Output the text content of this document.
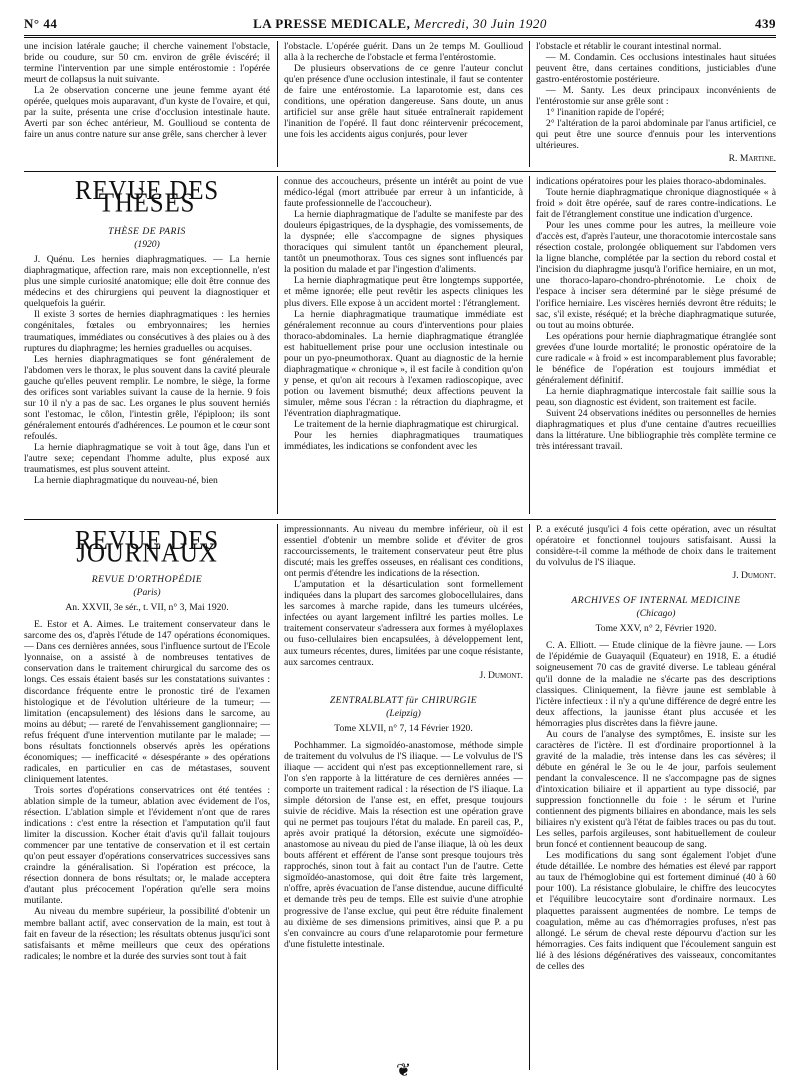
N° 44	LA PRESSE MEDICALE, Mercredi, 30 Juin 1920	439

une incision latérale gauche; il cherche vainement l'obstacle, bride ou coudure, sur 50 cm. environ de grêle éviscéré; il termine l'intervention par une simple entérostomie : l'opérée meurt de collapsus la nuit suivante.

La 2e observation concerne une jeune femme ayant été opérée, quelques mois auparavant, d'un kyste de l'ovaire, et qui, par la suite, présenta une crise d'occlusion intestinale haute. Averti par son échec antérieur, M. Goullioud se contenta de faire un anus contre nature sur anse grêle, sans chercher à lever

l'obstacle. L'opérée guérit. Dans un 2e temps M. Goullioud alla à la recherche de l'obstacle et ferma l'entérostomie.

De plusieurs observations de ce genre l'auteur conclut qu'en présence d'une occlusion intestinale, il faut se contenter de faire une entérostomie. La laparotomie est, dans ces conditions, une opération dangereuse. Sans doute, un anus artificiel sur anse grêle haut située entraînerait rapidement l'inanition de l'opéré. Il faut donc réintervenir précocement, une fois les accidents aigus conjurés, pour lever

l'obstacle et rétablir le courant intestinal normal.

— M. Condamin. Ces occlusions intestinales haut situées peuvent être, dans certaines conditions, justiciables d'une gastro-entérostomie postérieure.

— M. Santy. Les deux principaux inconvénients de l'entérostomie sur anse grêle sont :

1° l'inanition rapide de l'opéré;

2° l'altération de la paroi abdominale par l'anus artificiel, ce qui peut être une source d'ennuis pour les interventions ultérieures.

R. Martine.

REVUE DES THÈSES

THÈSE DE PARIS

(1920)

J. Quénu. Les hernies diaphragmatiques. — La hernie diaphragmatique, affection rare, mais non exceptionnelle, n'est plus une simple curiosité anatomique; elle doit être connue des médecins et des chirurgiens qui peuvent la diagnostiquer et quelquefois la guérir.

Il existe 3 sortes de hernies diaphragmatiques : les hernies congénitales, fœtales ou embryonnaires; les hernies traumatiques, immédiates ou consécutives à des plaies ou à des ruptures du diaphragme; les hernies graduelles ou acquises.

Les hernies diaphragmatiques se font généralement de l'abdomen vers le thorax, le plus souvent dans la cavité pleurale gauche qu'elles peuvent remplir. Le nombre, le siège, la forme des orifices sont variables suivant la cause de la hernie. 9 fois sur 10 il n'y a pas de sac. Les organes le plus souvent herniés sont l'estomac, le côlon, l'intestin grêle, l'épiploon; ils sont généralement entourés d'adhérences. Le poumon et le cœur sont refoulés.

La hernie diaphragmatique se voit à tout âge, dans l'un et l'autre sexe; cependant l'homme adulte, plus exposé aux traumatismes, est plus souvent atteint.

La hernie diaphragmatique du nouveau-né, bien

connue des accoucheurs, présente un intérêt au point de vue médico-légal (mort attribuée par erreur à un infanticide, à faute professionnelle de l'accoucheur).

La hernie diaphragmatique de l'adulte se manifeste par des douleurs épigastriques, de la dysphagie, des vomissements, de la dyspnée; elle s'accompagne de signes physiques thoraciques qui simulent tantôt un épanchement pleural, tantôt un pneumothorax. Tous ces signes sont influencés par la position du malade et par l'ingestion d'aliments.

La hernie diaphragmatique peut être longtemps supportée, et même ignorée; elle peut revêtir les aspects cliniques les plus divers. Elle expose à un accident mortel : l'étranglement.

La hernie diaphragmatique traumatique immédiate est généralement reconnue au cours d'interventions pour plaies thoraco-abdominales. La hernie diaphragmatique étranglée est habituellement prise pour une occlusion intestinale ou pour un pyo-pneumothorax. Quant au diagnostic de la hernie diaphragmatique « chronique », il est facile à condition qu'on y pense, et qu'on ait recours à l'examen radioscopique, avec potion ou lavement bismuthé; deux affections peuvent la simuler, même sous l'écran : la rétraction du diaphragme, et l'éventration diaphragmatique.

Le traitement de la hernie diaphragmatique est chirurgical.

Pour les hernies diaphragmatiques traumatiques immédiates, les indications se confondent avec les

indications opératoires pour les plaies thoraco-abdominales.

Toute hernie diaphragmatique chronique diagnostiquée « à froid » doit être opérée, sauf de rares contre-indications. Le fait de l'étranglement constitue une indication d'urgence.

Pour les unes comme pour les autres, la meilleure voie d'accès est, d'après l'auteur, une thoracotomie intercostale sans résection costale, prolongée obliquement sur l'abdomen vers la ligne blanche, complétée par la section du rebord costal et l'incision du diaphragme jusqu'à l'orifice herniaire, en un mot, une thoraco-laparo-chondro-phrénotomie. Le choix de l'espace à inciser sera déterminé par le siège présumé de l'orifice herniaire. Les viscères herniés devront être réduits; le sac, s'il existe, réséqué; et la brèche diaphragmatique suturée, ou tout au moins obturée.

Les opérations pour hernie diaphragmatique étranglée sont grevées d'une lourde mortalité; le pronostic opératoire de la cure radicale « à froid » est incomparablement plus favorable; le bénéfice de l'opération est toujours immédiat et généralement définitif.

La hernie diaphragmatique intercostale fait saillie sous la peau, son diagnostic est évident, son traitement est facile.

Suivent 24 observations inédites ou personnelles de hernies diaphragmatiques et plus d'une centaine d'autres recueillies dans la littérature. Une bibliographie très complète termine ce très intéressant travail.

REVUE DES JOURNAUX

REVUE D'ORTHOPÉDIE

(Paris)

An. XXVII, 3e sér., t. VII, n° 3, Mai 1920.

E. Estor et A. Aimes. Le traitement conservateur dans le sarcome des os, d'après l'étude de 147 opérations économiques. — Dans ces dernières années, sous l'influence surtout de l'Ecole lyonnaise, on a assisté à de nombreuses tentatives de conservation dans le traitement chirurgical du sarcome des os longs. Ces essais étaient basés sur les constatations suivantes : discordance fréquente entre le pronostic tiré de l'examen histologique et de l'évolution ultérieure de la tumeur; — limitation (encapsulement) des lésions dans le sarcome, au moins au début; — rareté de l'envahissement ganglionnaire; — refus fréquent d'une intervention mutilante par le malade; — bons résultats fonctionnels observés après les opérations économiques; — inefficacité « désespérante » des opérations radicales, en particulier en cas de métastases, souvent cliniquement latentes.

Trois sortes d'opérations conservatrices ont été tentées : ablation simple de la tumeur, ablation avec évidement de l'os, résection. L'ablation simple et l'évidement n'ont que de rares indications : c'est entre la résection et l'amputation qu'il faut limiter la discussion. Kocher était d'avis qu'il fallait toujours commencer par une tentative de conservation et il est certain qu'on peut essayer d'opérations conservatrices successives sans craindre la généralisation. Si l'opération est précoce, la résection donnera de bons résultats; or, le malade acceptera d'autant plus précocement l'opération qu'elle sera moins mutilante.

Au niveau du membre supérieur, la possibilité d'obtenir un membre ballant actif, avec conservation de la main, est tout à fait en faveur de la résection; les résultats obtenus jusqu'ici sont satisfaisants et même meilleurs que ceux des opérations radicales; le nombre et la durée des survies sont tout à fait

impressionnants. Au niveau du membre inférieur, où il est essentiel d'obtenir un membre solide et d'éviter de gros raccourcissements, le traitement conservateur peut être plus discuté; mais les greffes osseuses, en réalisant ces conditions, ont permis d'étendre les indications de la résection.

L'amputation et la désarticulation sont formellement indiquées dans la plupart des sarcomes globocellulaires, dans les sarcomes à marche rapide, dans les tumeurs ulcérées, infectées ou ayant largement infiltré les parties molles. Le traitement conservateur s'adressera aux formes à myéloplaxes ou fuso-cellulaires bien encapsulées, à développement lent, aux tumeurs récentes, dures, limitées par une coque résistante, aux sarcomes centraux.

J. Dumont.

ZENTRALBLATT für CHIRURGIE

(Leipzig)

Tome XLVII, n° 7, 14 Février 1920.

Pochhammer. La sigmoïdéo-anastomose, méthode simple de traitement du volvulus de l'S iliaque. — Le volvulus de l'S iliaque — accident qui n'est pas exceptionnellement rare, si l'on s'en rapporte à la littérature de ces dernières années — comporte un traitement radical : la résection de l'S iliaque. La simple détorsion de l'anse est, en effet, presque toujours suivie de récidive. Mais la résection est une opération grave qui ne permet pas toujours l'état du malade. En pareil cas, P., après avoir pratiqué la détorsion, exécute une sigmoïdéo-anastomose au niveau du pied de l'anse iliaque, là où les deux bouts afférent et efférent de l'anse sont presque toujours très rapprochés, sinon tout à fait au contact l'un de l'autre. Cette sigmoïdéo-anastomose, qui doit être faite très largement, n'offre, après évacuation de l'anse distendue, aucune difficulté et demande très peu de temps. Elle est suivie d'une atrophie progressive de l'anse exclue, qui peut être réduite finalement au dixième de ses dimensions primitives, ainsi que P. a pu s'en convaincre au cours d'une relaparotomie pour fermeture d'une fistulette intestinale.

❦

P. a exécuté jusqu'ici 4 fois cette opération, avec un résultat opératoire et fonctionnel toujours satisfaisant. Aussi la considère-t-il comme la méthode de choix dans le traitement du volvulus de l'S iliaque.

J. Dumont.

ARCHIVES OF INTERNAL MEDICINE

(Chicago)

Tome XXV, n° 2, Février 1920.

C. A. Elliott. — Etude clinique de la fièvre jaune. — Lors de l'épidémie de Guayaquil (Equateur) en 1918, E. a étudié soigneusement 70 cas de gravité diverse. Le tableau général qu'il donne de la maladie ne s'écarte pas des descriptions classiques. Cliniquement, la fièvre jaune est semblable à l'ictère infectieux : il n'y a qu'une différence de degré entre les deux affections, la jaunisse étant plus accusée et les hémorragies plus discrètes dans la fièvre jaune.

Au cours de l'analyse des symptômes, E. insiste sur les caractères de l'ictère. Il est d'ordinaire proportionnel à la gravité de la maladie, très intense dans les cas sévères; il débute en général le 3e ou le 4e jour, parfois seulement pendant la convalescence. Il ne s'accompagne pas de signes d'intoxication biliaire et il appartient au type dissocié, par suppression fonctionnelle du foie : le sérum et l'urine contiennent des pigments biliaires en abondance, mais les sels biliaires n'y existent qu'à l'état de faibles traces ou pas du tout. Les selles, parfois argileuses, sont habituellement de couleur brun foncé et contiennent beaucoup de sang.

Les modifications du sang sont également l'objet d'une étude détaillée. Le nombre des hématies est élevé par rapport au taux de l'hémoglobine qui est fortement diminué (40 à 60 pour 100). La résistance globulaire, le chiffre des leucocytes et l'équilibre leucocytaire sont d'ordinaire normaux. Les plaquettes paraissent augmentées de nombre. Le temps de coagulation, même au cas d'hémorragies profuses, n'est pas allongé. Le sérum de cheval reste dépourvu d'action sur les hémorragies. Ces faits indiquent que l'écoulement sanguin est lié à des lésions dégénératives des vaisseaux, concomitantes de celles des
